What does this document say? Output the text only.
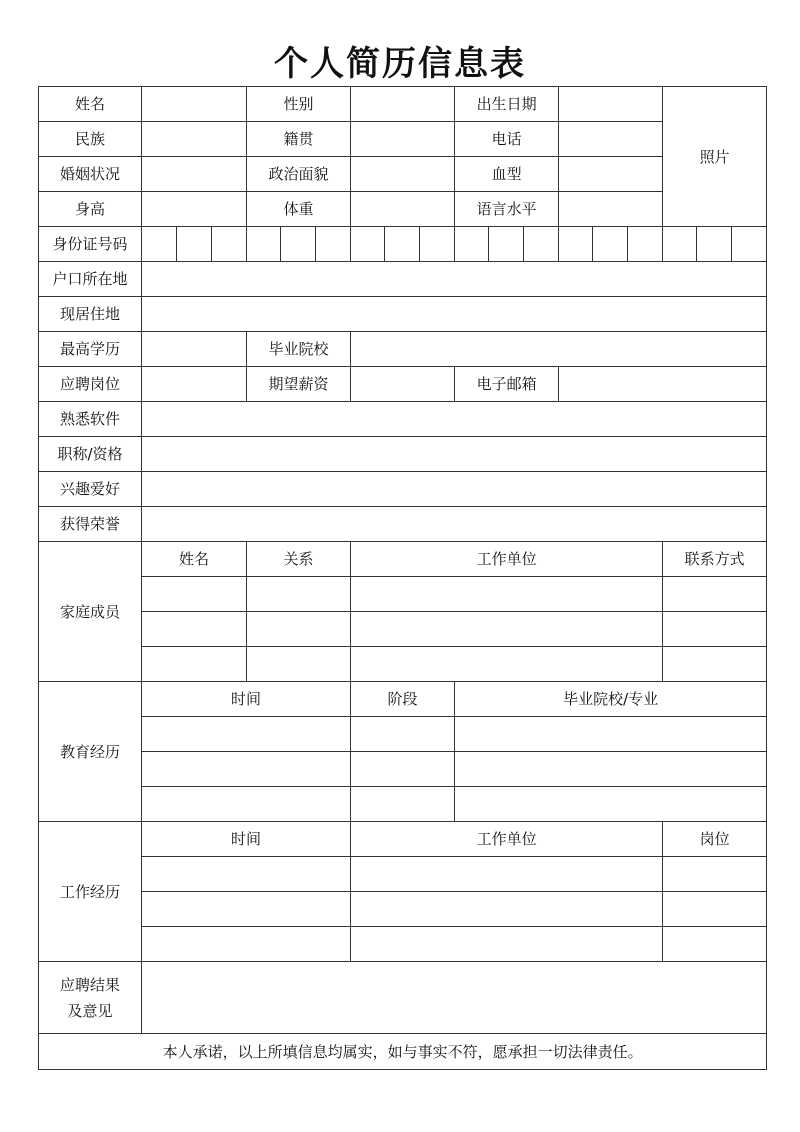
个人简历信息表
姓名				性别						出生日期						照片		
民族				籍贯						电话								
婚姻状况				政治面貌						血型								
身高				体重						语言水平								
身份证号码																		
户口所在地																		
现居住地																		
最高学历				毕业院校														
应聘岗位				期望薪资						电子邮箱								
熟悉软件																		
职称/资格																		
兴趣爱好																		
获得荣誉																		
家庭成员	姓名			关系			工作单位									联系方式		

教育经历	时间						阶段			毕业院校/专业								

工作经历	时间						工作单位									岗位		

应聘结果
及意见																		

本人承诺，以上所填信息均属实，如与事实不符，愿承担一切法律责任。																		
